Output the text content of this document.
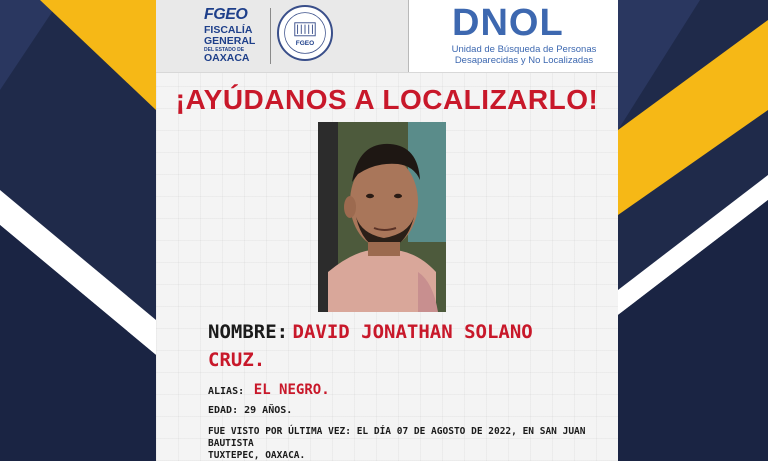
FGEO
FISCALÍA
GENERAL
DEL ESTADO DE
OAXACA
FGEO	DNOL
Unidad de Búsqueda de Personas
Desaparecidas y No Localizadas
¡AYÚDANOS A LOCALIZARLO!
NOMBRE: DAVID JONATHAN SOLANO
CRUZ.
ALIAS: EL NEGRO.
EDAD: 29 AÑOS.
FUE VISTO POR ÚLTIMA VEZ: EL DÍA 07 DE AGOSTO DE 2022, EN SAN JUAN BAUTISTA
TUXTEPEC, OAXACA.
